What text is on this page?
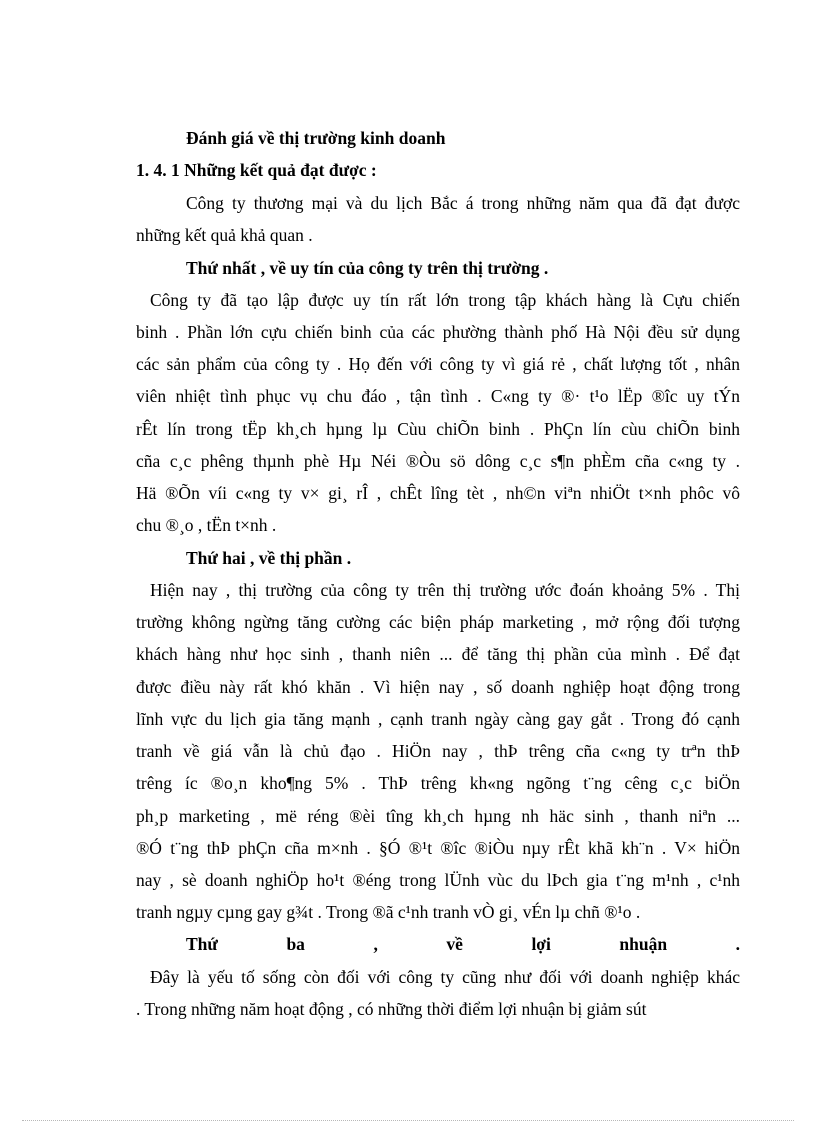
Đánh giá về thị trường kinh doanh
1. 4. 1 Những kết quả đạt được :
Công ty thương mại và du lịch Bắc á trong những năm qua đã đạt được
những kết quả khả quan .
Thứ nhất , về uy tín của công ty trên thị trường .
Công ty đã tạo lập được uy tín rất lớn trong tập khách hàng là Cựu chiến
binh . Phần lớn cựu chiến binh của các phường thành phố Hà Nội đều sử dụng
các sản phẩm của công ty . Họ đến với công ty vì giá rẻ , chất lượng tốt , nhân
viên nhiệt tình phục vụ chu đáo , tận tình . C«ng ty ®· t¹o lËp ®îc uy tÝn
rÊt lín trong tËp kh¸ch hµng lµ Cùu chiÕn binh . PhÇn lín cùu chiÕn binh
cña c¸c phêng thµnh phè Hµ Néi ®Òu sö dông c¸c s¶n phÈm cña c«ng ty .
Hä ®Õn víi c«ng ty v× gi¸ rÎ , chÊt lîng tèt , nh©n viªn nhiÖt t×nh phôc vô
chu ®¸o , tËn t×nh .
Thứ hai , về thị phần .
Hiện nay , thị trường của công ty trên thị trường ước đoán khoảng 5% . Thị
trường không ngừng tăng cường các biện pháp marketing , mở rộng đối tượng
khách hàng như học sinh , thanh niên ... để tăng thị phần của mình . Để đạt
được điều này rất khó khăn . Vì hiện nay , số doanh nghiệp hoạt động trong
lĩnh vực du lịch gia tăng mạnh , cạnh tranh ngày càng gay gắt . Trong đó cạnh
tranh về giá vẫn là chủ đạo . HiÖn nay , thÞ trêng cña c«ng ty trªn thÞ
trêng íc ®o¸n kho¶ng 5% . ThÞ trêng kh«ng ngõng t¨ng cêng c¸c biÖn
ph¸p marketing , më réng ®èi tîng kh¸ch hµng nh häc sinh , thanh niªn ...
®Ó t¨ng thÞ phÇn cña m×nh . §Ó ®¹t ®îc ®iÒu nµy rÊt khã kh¨n . V× hiÖn
nay , sè doanh nghiÖp ho¹t ®éng trong lÜnh vùc du lÞch gia t¨ng m¹nh , c¹nh
tranh ngµy cµng gay g¾t . Trong ®ã c¹nh tranh vÒ gi¸ vÉn lµ chñ ®¹o .
Thứ ba , về lợi nhuận .
Đây là yếu tố sống còn đối với công ty cũng như đối với doanh nghiệp khác
. Trong những năm hoạt động , có những thời điểm lợi nhuận bị giảm sút
